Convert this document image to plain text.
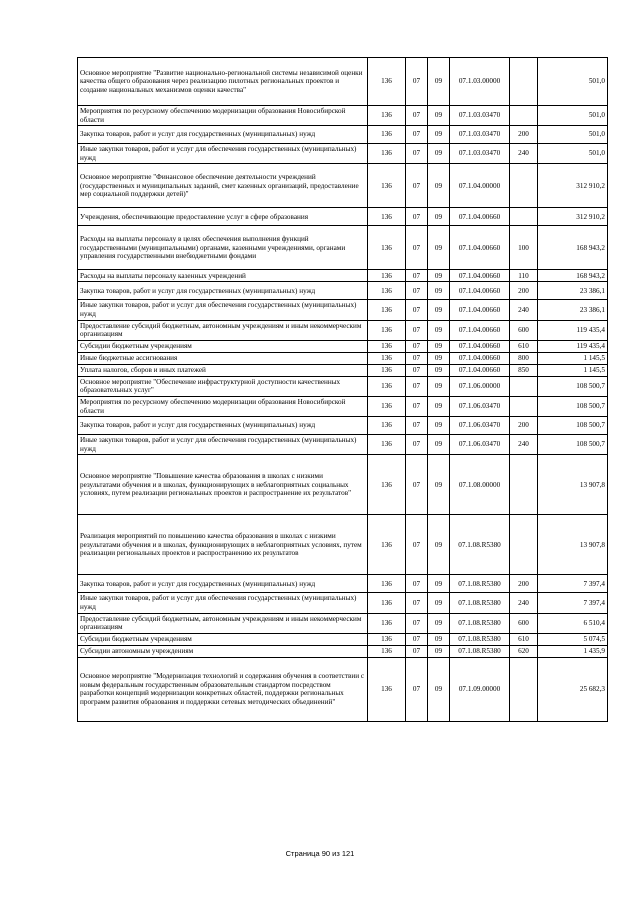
Основное мероприятие "Развитие национально-региональной системы независимой оценки качества общего образования через реализацию пилотных региональных проектов и создание национальных механизмов оценки качества"	136	07	09	07.1.03.00000		501,0
Мероприятия по ресурсному обеспечению модернизации образования Новосибирской области	136	07	09	07.1.03.03470		501,0
Закупка товаров, работ и услуг для государственных (муниципальных) нужд	136	07	09	07.1.03.03470	200	501,0
Иные закупки товаров, работ и услуг для обеспечения государственных (муниципальных) нужд	136	07	09	07.1.03.03470	240	501,0
Основное мероприятие "Финансовое обеспечение деятельности учреждений (государственных и муниципальных заданий, смет казенных организаций, предоставление мер социальной поддержки детей)"	136	07	09	07.1.04.00000		312 910,2
Учреждения, обеспечивающие предоставление услуг в сфере образования	136	07	09	07.1.04.00660		312 910,2
Расходы на выплаты персоналу в целях обеспечения выполнения функций государственными (муниципальными) органами, казенными учреждениями, органами управления государственными внебюджетными фондами	136	07	09	07.1.04.00660	100	168 943,2
Расходы на выплаты персоналу казенных учреждений	136	07	09	07.1.04.00660	110	168 943,2
Закупка товаров, работ и услуг для государственных (муниципальных) нужд	136	07	09	07.1.04.00660	200	23 386,1
Иные закупки товаров, работ и услуг для обеспечения государственных (муниципальных) нужд	136	07	09	07.1.04.00660	240	23 386,1
Предоставление субсидий бюджетным, автономным учреждениям и иным некоммерческим организациям	136	07	09	07.1.04.00660	600	119 435,4
Субсидии бюджетным учреждениям	136	07	09	07.1.04.00660	610	119 435,4
Иные бюджетные ассигнования	136	07	09	07.1.04.00660	800	1 145,5
Уплата налогов, сборов и иных платежей	136	07	09	07.1.04.00660	850	1 145,5
Основное мероприятие "Обеспечение инфраструктурной доступности качественных образовательных услуг"	136	07	09	07.1.06.00000		108 500,7
Мероприятия по ресурсному обеспечению модернизации образования Новосибирской области	136	07	09	07.1.06.03470		108 500,7
Закупка товаров, работ и услуг для государственных (муниципальных) нужд	136	07	09	07.1.06.03470	200	108 500,7
Иные закупки товаров, работ и услуг для обеспечения государственных (муниципальных) нужд	136	07	09	07.1.06.03470	240	108 500,7
Основное мероприятие "Повышение качества образования в школах с низкими результатами обучения и в школах, функционирующих в неблагоприятных социальных условиях, путем реализации региональных проектов и распространение их результатов"	136	07	09	07.1.08.00000		13 907,8
Реализация мероприятий по повышению качества образования в школах с низкими результатами обучения и в школах, функционирующих в неблагоприятных условиях, путем реализации региональных проектов и распространению их результатов	136	07	09	07.1.08.R5380		13 907,8
Закупка товаров, работ и услуг для государственных (муниципальных) нужд	136	07	09	07.1.08.R5380	200	7 397,4
Иные закупки товаров, работ и услуг для обеспечения государственных (муниципальных) нужд	136	07	09	07.1.08.R5380	240	7 397,4
Предоставление субсидий бюджетным, автономным учреждениям и иным некоммерческим организациям	136	07	09	07.1.08.R5380	600	6 510,4
Субсидии бюджетным учреждениям	136	07	09	07.1.08.R5380	610	5 074,5
Субсидии автономным учреждениям	136	07	09	07.1.08.R5380	620	1 435,9
Основное мероприятие "Модернизация технологий и содержания обучения в соответствии с новым федеральным государственным образовательным стандартом посредством разработки концепций модернизации конкретных областей, поддержки региональных программ развития образования и поддержки сетевых методических объединений"	136	07	09	07.1.09.00000		25 682,3
Страница 90 из 121
